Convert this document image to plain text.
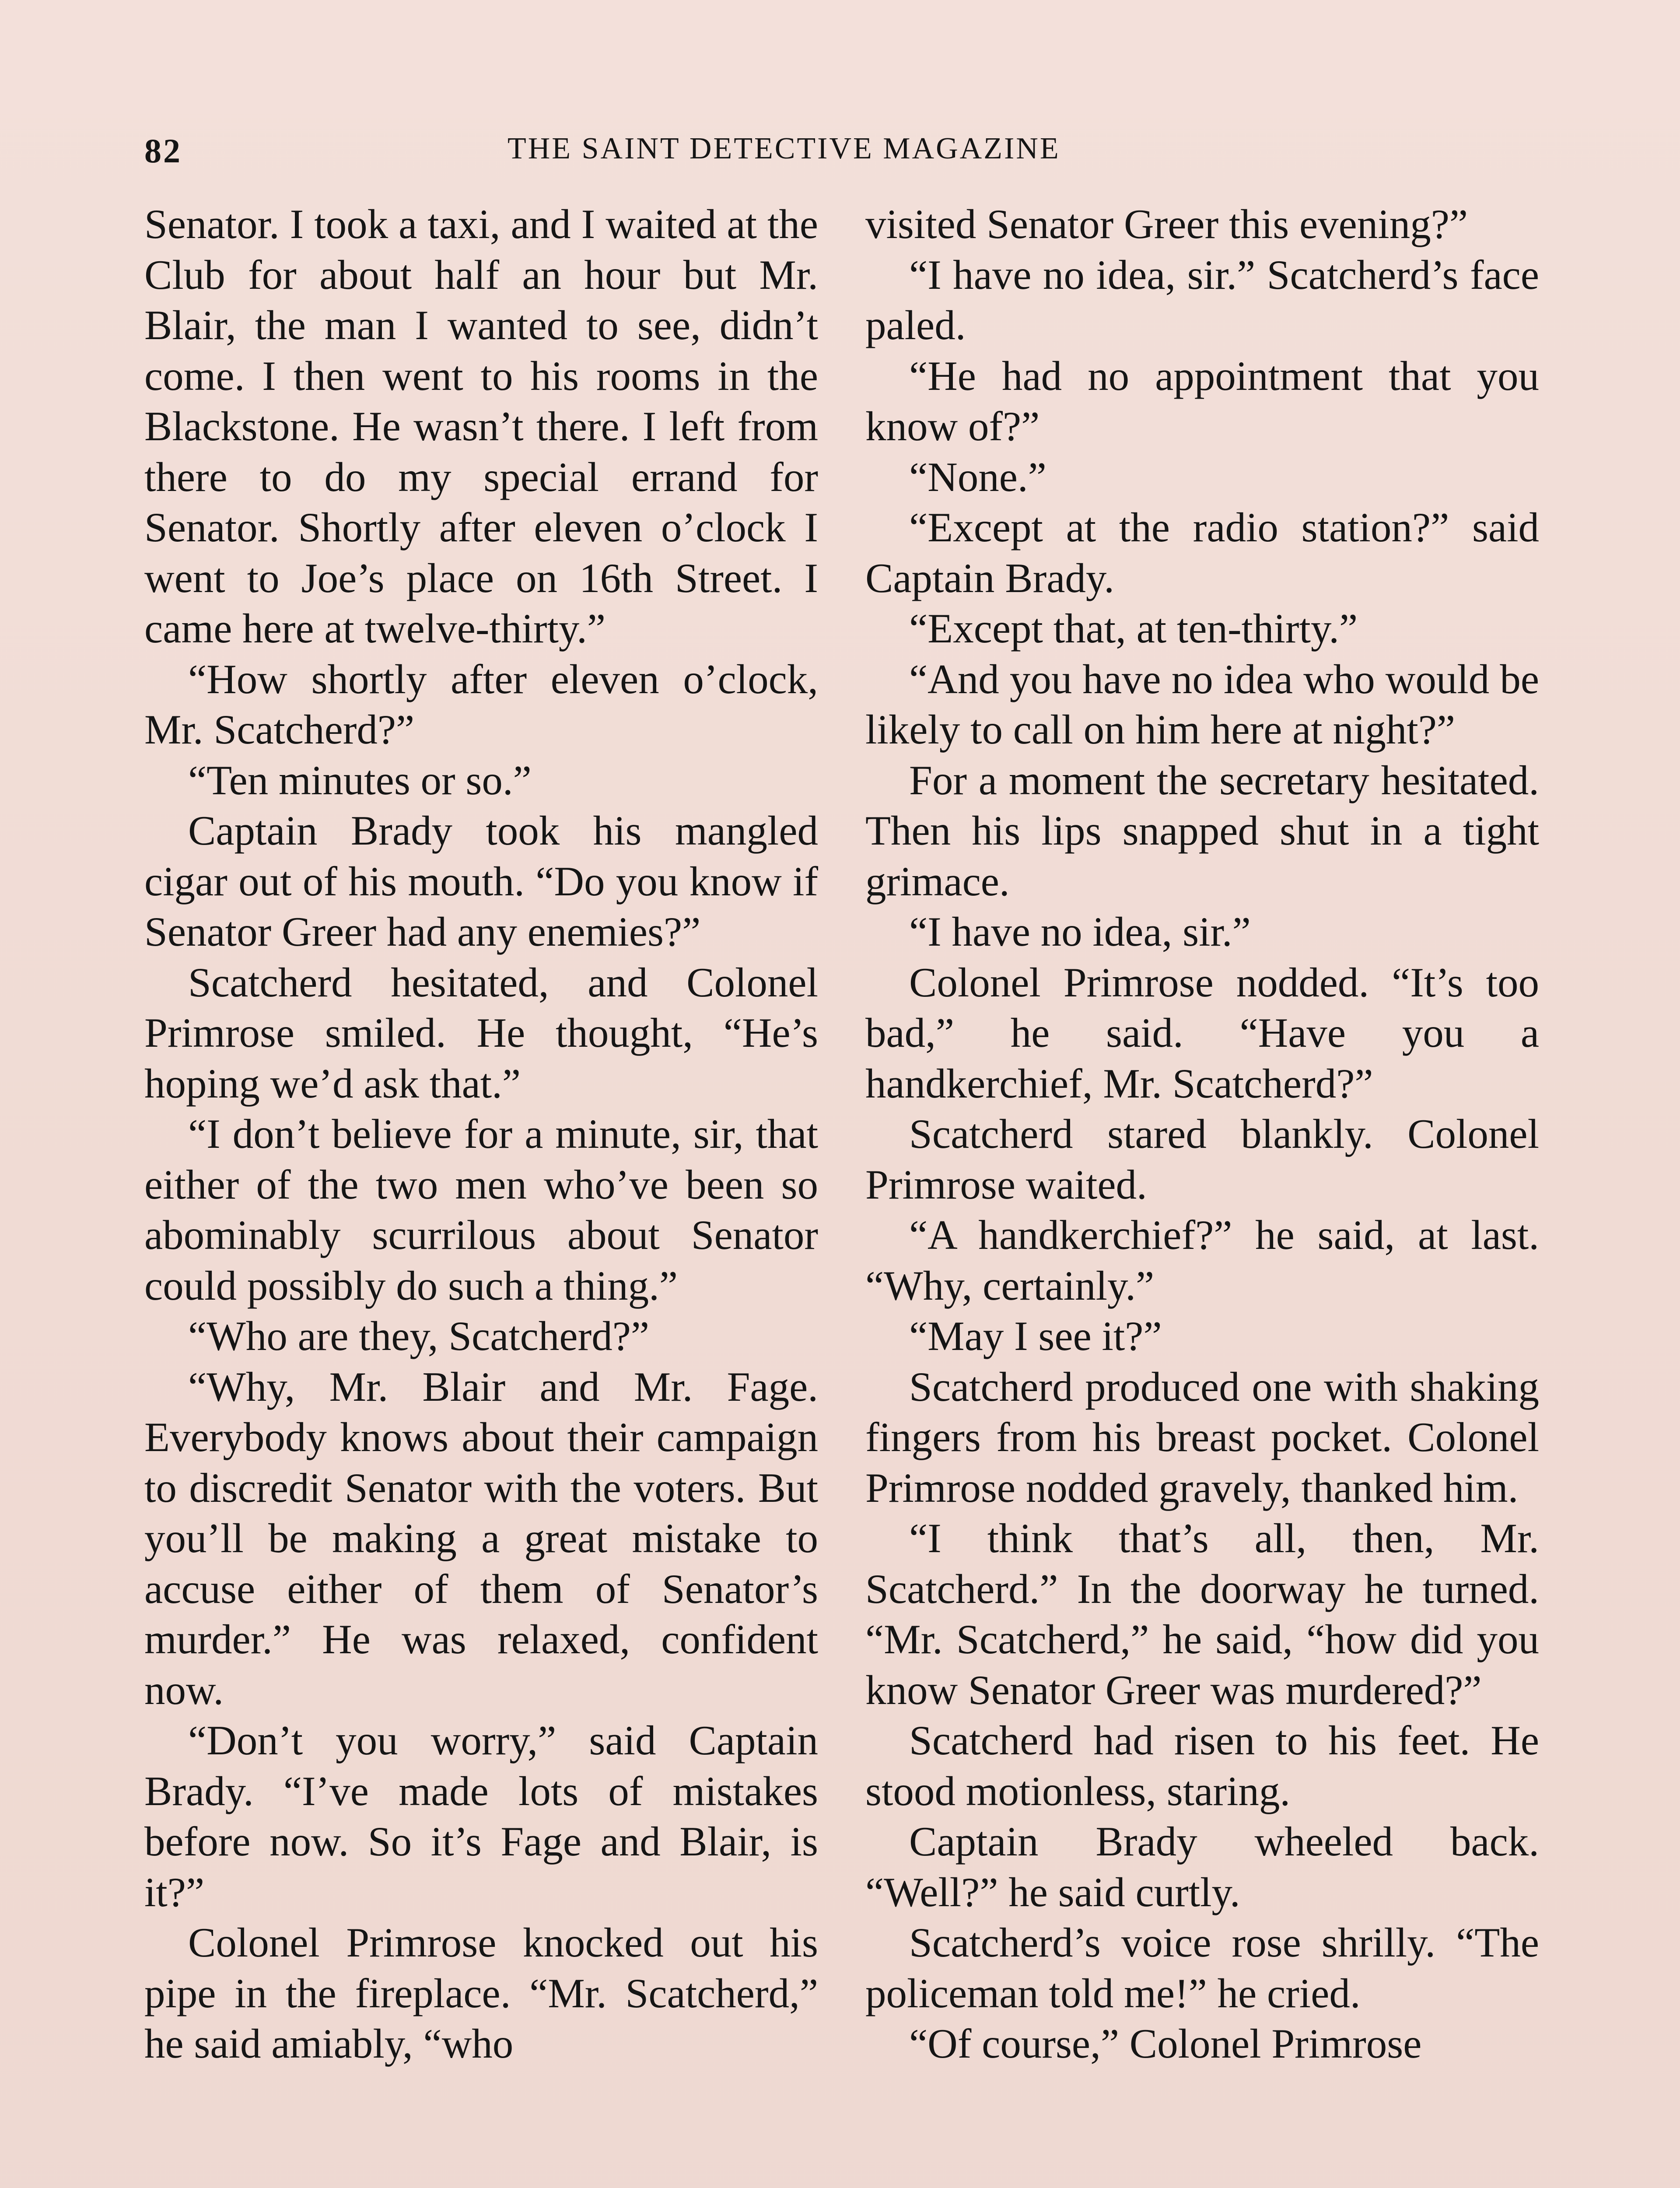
82	THE SAINT DETECTIVE MAGAZINE

Senator. I took a taxi, and I waited at the Club for about half an hour but Mr. Blair, the man I wanted to see, didn’t come. I then went to his rooms in the Blackstone. He wasn’t there. I left from there to do my special errand for Senator. Shortly after eleven o’clock I went to Joe’s place on 16th Street. I came here at twelve-thirty.”

“How shortly after eleven o’clock, Mr. Scatcherd?”

“Ten minutes or so.”

Captain Brady took his mangled cigar out of his mouth. “Do you know if Senator Greer had any enemies?”

Scatcherd hesitated, and Colonel Primrose smiled. He thought, “He’s hoping we’d ask that.”

“I don’t believe for a minute, sir, that either of the two men who’ve been so abominably scurrilous about Senator could possibly do such a thing.”

“Who are they, Scatcherd?”

“Why, Mr. Blair and Mr. Fage. Everybody knows about their campaign to discredit Senator with the voters. But you’ll be making a great mistake to accuse either of them of Senator’s murder.” He was relaxed, confident now.

“Don’t you worry,” said Captain Brady. “I’ve made lots of mistakes before now. So it’s Fage and Blair, is it?”

Colonel Primrose knocked out his pipe in the fireplace. “Mr. Scatcherd,” he said amiably, “who

visited Senator Greer this evening?”

“I have no idea, sir.” Scatcherd’s face paled.

“He had no appointment that you know of?”

“None.”

“Except at the radio station?” said Captain Brady.

“Except that, at ten-thirty.”

“And you have no idea who would be likely to call on him here at night?”

For a moment the secretary hesitated. Then his lips snapped shut in a tight grimace.

“I have no idea, sir.”

Colonel Primrose nodded. “It’s too bad,” he said. “Have you a handkerchief, Mr. Scatcherd?”

Scatcherd stared blankly. Colonel Primrose waited.

“A handkerchief?” he said, at last. “Why, certainly.”

“May I see it?”

Scatcherd produced one with shaking fingers from his breast pocket. Colonel Primrose nodded gravely, thanked him.

“I think that’s all, then, Mr. Scatcherd.” In the doorway he turned. “Mr. Scatcherd,” he said, “how did you know Senator Greer was murdered?”

Scatcherd had risen to his feet. He stood motionless, staring.

Captain Brady wheeled back. “Well?” he said curtly.

Scatcherd’s voice rose shrilly. “The policeman told me!” he cried.

“Of course,” Colonel Primrose
